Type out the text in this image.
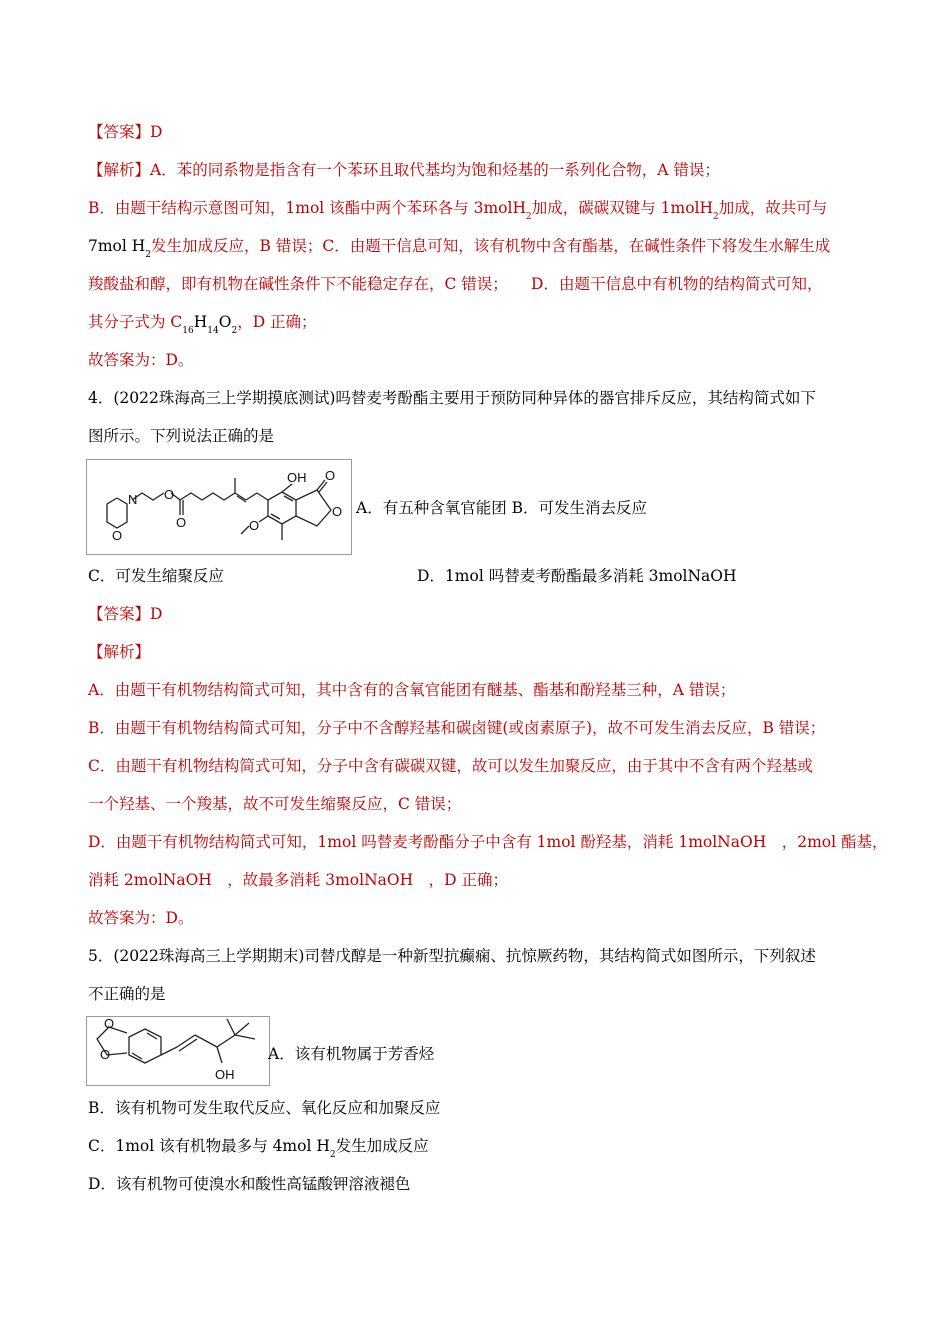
【答案】D
【解析】A．苯的同系物是指含有一个苯环且取代基均为饱和烃基的一系列化合物，A 错误；
B．由题干结构示意图可知，1mol 该酯中两个苯环各与 3molH$_2$加成，碳碳双键与 1molH$_2$加成，故共可与
7mol $H_2$发生加成反应，B 错误；C．由题干信息可知，该有机物中含有酯基，在碱性条件下将发生水解生成
羧酸盐和醇，即有机物在碱性条件下不能稳定存在，C 错误；　　D．由题干信息中有机物的结构简式可知，
其分子式为 $C_{16}H_{14}O_2$，D 正确；
故答案为：D。
4．(2022珠海高三上学期摸底测试)吗替麦考酚酯主要用于预防同种异体的器官排斥反应，其结构简式如下
图所示。下列说法正确的是
N
O
O
O
OH O
O
O
A．有五种含氧官能团 B．可发生消去反应
C．可发生缩聚反应	D．1mol 吗替麦考酚酯最多消耗 3molNaOH
【答案】D
【解析】
A．由题干有机物结构简式可知，其中含有的含氧官能团有醚基、酯基和酚羟基三种，A 错误；
B．由题干有机物结构简式可知，分子中不含醇羟基和碳卤键(或卤素原子)，故不可发生消去反应，B 错误；
C．由题干有机物结构简式可知，分子中含有碳碳双键，故可以发生加聚反应，由于其中不含有两个羟基或
一个羟基、一个羧基，故不可发生缩聚反应，C 错误；
D．由题干有机物结构简式可知，1mol 吗替麦考酚酯分子中含有 1mol 酚羟基，消耗 1molNaOH　，2mol 酯基，
消耗 2molNaOH　，故最多消耗 3molNaOH　，D 正确；
故答案为：D。
5．(2022珠海高三上学期期末)司替戊醇是一种新型抗癫痫、抗惊厥药物，其结构简式如图所示，下列叙述
不正确的是
O
O
OH
A．该有机物属于芳香烃
B．该有机物可发生取代反应、氧化反应和加聚反应
C．1mol 该有机物最多与 4mol $H_2$发生加成反应
D．该有机物可使溴水和酸性高锰酸钾溶液褪色
